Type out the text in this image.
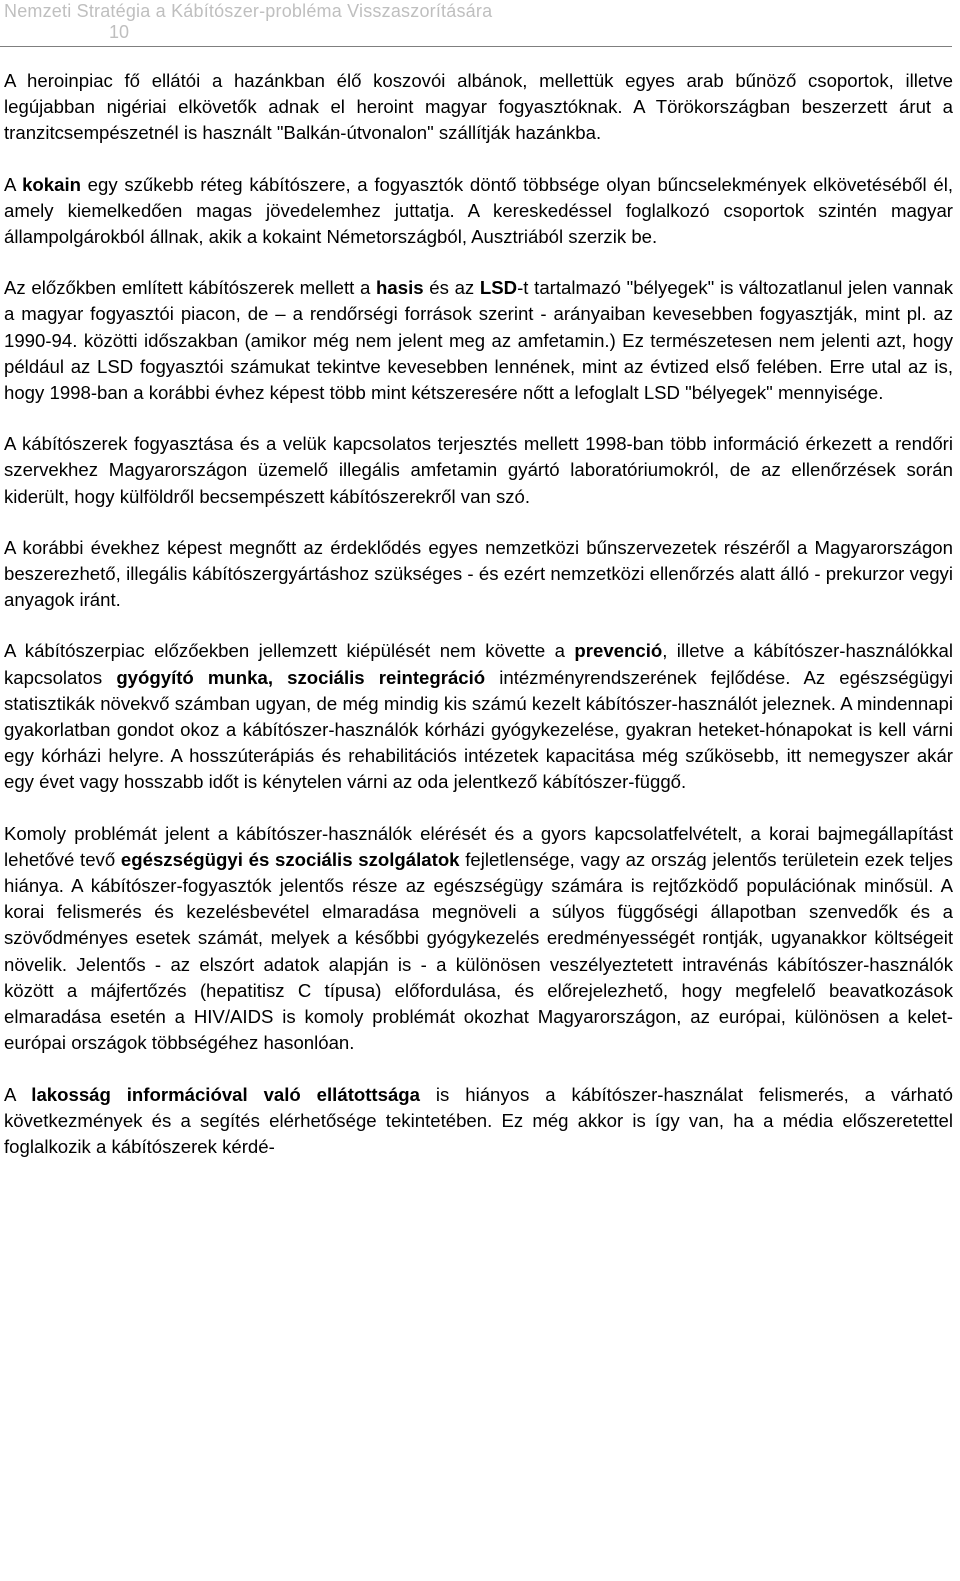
Nemzeti Stratégia a Kábítószer-probléma Visszaszorítására
10

A heroinpiac fő ellátói a hazánkban élő koszovói albánok, mellettük egyes arab bűnöző csoportok, illetve legújabban nigériai elkövetők adnak el heroint magyar fogyasztóknak. A Törökországban beszerzett árut a tranzitcsempészetnél is használt "Balkán-útvonalon" szállítják hazánkba.

A kokain egy szűkebb réteg kábítószere, a fogyasztók döntő többsége olyan bűncselekmények elkövetéséből él, amely kiemelkedően magas jövedelemhez juttatja. A kereskedéssel foglalkozó csoportok szintén magyar állampolgárokból állnak, akik a kokaint Németországból, Ausztriából szerzik be.

Az előzőkben említett kábítószerek mellett a hasis és az LSD-t tartalmazó "bélyegek" is változatlanul jelen vannak a magyar fogyasztói piacon, de – a rendőrségi források szerint - arányaiban kevesebben fogyasztják, mint pl. az 1990-94. közötti időszakban (amikor még nem jelent meg az amfetamin.) Ez természetesen nem jelenti azt, hogy például az LSD fogyasztói számukat tekintve kevesebben lennének, mint az évtized első felében. Erre utal az is, hogy 1998-ban a korábbi évhez képest több mint kétszeresére nőtt a lefoglalt LSD "bélyegek" mennyisége.

A kábítószerek fogyasztása és a velük kapcsolatos terjesztés mellett 1998-ban több információ érkezett a rendőri szervekhez Magyarországon üzemelő illegális amfetamin gyártó laboratóriumokról, de az ellenőrzések során kiderült, hogy külföldről becsempészett kábítószerekről van szó.

A korábbi évekhez képest megnőtt az érdeklődés egyes nemzetközi bűnszervezetek részéről a Magyarországon beszerezhető, illegális kábítószergyártáshoz szükséges - és ezért nemzetközi ellenőrzés alatt álló - prekurzor vegyi anyagok iránt.

A kábítószerpiac előzőekben jellemzett kiépülését nem követte a prevenció, illetve a kábítószer-használókkal kapcsolatos gyógyító munka, szociális reintegráció intézményrendszerének fejlődése. Az egészségügyi statisztikák növekvő számban ugyan, de még mindig kis számú kezelt kábítószer-használót jeleznek. A mindennapi gyakorlatban gondot okoz a kábítószer-használók kórházi gyógykezelése, gyakran heteket-hónapokat is kell várni egy kórházi helyre. A hosszúterápiás és rehabilitációs intézetek kapacitása még szűkösebb, itt nemegyszer akár egy évet vagy hosszabb időt is kénytelen várni az oda jelentkező kábítószer-függő.

Komoly problémát jelent a kábítószer-használók elérését és a gyors kapcsolatfelvételt, a korai bajmegállapítást lehetővé tevő egészségügyi és szociális szolgálatok fejletlensége, vagy az ország jelentős területein ezek teljes hiánya. A kábítószer-fogyasztók jelentős része az egészségügy számára is rejtőzködő populációnak minősül. A korai felismerés és kezelésbevétel elmaradása megnöveli a súlyos függőségi állapotban szenvedők és a szövődményes esetek számát, melyek a későbbi gyógykezelés eredményességét rontják, ugyanakkor költségeit növelik. Jelentős - az elszórt adatok alapján is - a különösen veszélyeztetett intravénás kábítószer-használók között a májfertőzés (hepatitisz C típusa) előfordulása, és előrejelezhető, hogy megfelelő beavatkozások elmaradása esetén a HIV/AIDS is komoly problémát okozhat Magyarországon, az európai, különösen a kelet-európai országok többségéhez hasonlóan.

A lakosság információval való ellátottsága is hiányos a kábítószer-használat felismerés, a várható következmények és a segítés elérhetősége tekintetében. Ez még akkor is így van, ha a média előszeretettel foglalkozik a kábítószerek kérdé-
